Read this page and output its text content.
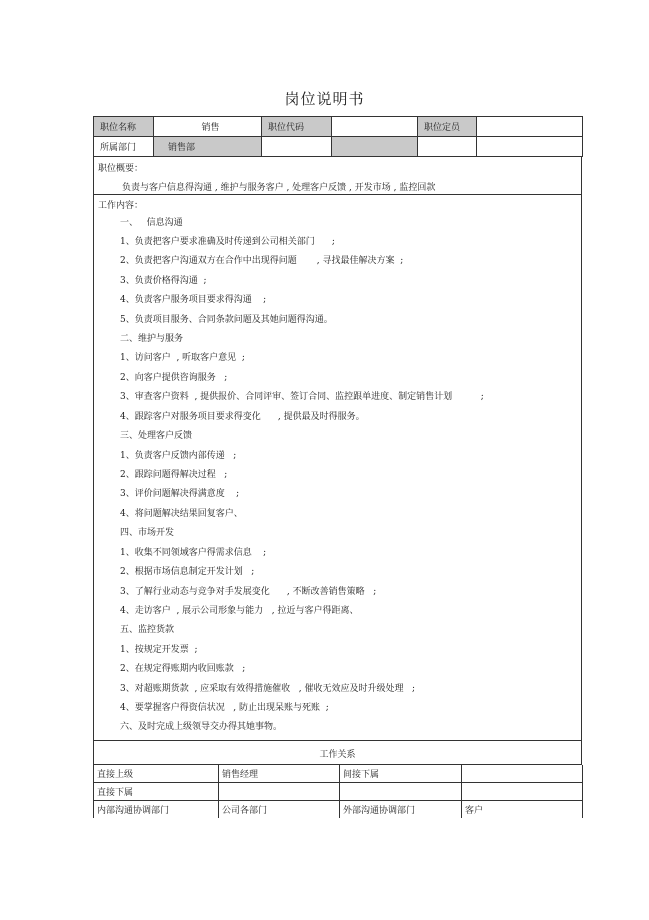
岗位说明书
职位名称	销售	职位代码		职位定员	
所属部门	销售部				
职位概要：
负责与客户信息得沟通 , 维护与服务客户 , 处理客户反馈 , 开发市场 , 监控回款
工作内容：
一、   信息沟通
1、负责把客户要求准确及时传递到公司相关部门      ;
2、负责把客户沟通双方在合作中出现得问题       , 寻找最佳解决方案  ;
3、负责价格得沟通  ;
4、负责客户服务项目要求得沟通    ;
5、负责项目服务、合同条款问题及其她问题得沟通。
二、维护与服务
1、访问客户  , 听取客户意见  ;
2、向客户提供咨询服务   ;
3、审查客户资料  , 提供报价、合同评审、签订合同、监控跟单进度、制定销售计划          ;
4、跟踪客户对服务项目要求得变化      , 提供最及时得服务。
三、处理客户反馈
1、负责客户反馈内部传递   ;
2、跟踪问题得解决过程   ;
3、评价问题解决得满意度    ;
4、将问题解决结果回复客户、
四、市场开发
1、收集不同领域客户得需求信息    ;
2、根据市场信息制定开发计划   ;
3、了解行业动态与竞争对手发展变化      , 不断改善销售策略   ;
4、走访客户  , 展示公司形象与能力   , 拉近与客户得距离、
五、监控货款
1、按规定开发票  ;
2、在规定得账期内收回账款   ;
3、对超账期货款  , 应采取有效得措施催收   , 催收无效应及时升级处理   ;
4、要掌握客户得资信状况   , 防止出现呆账与死账  ;
六、及时完成上级领导交办得其她事物。
工作关系
直接上级	销售经理	间接下属	
直接下属			
内部沟通协调部门	公司各部门	外部沟通协调部门	客户
